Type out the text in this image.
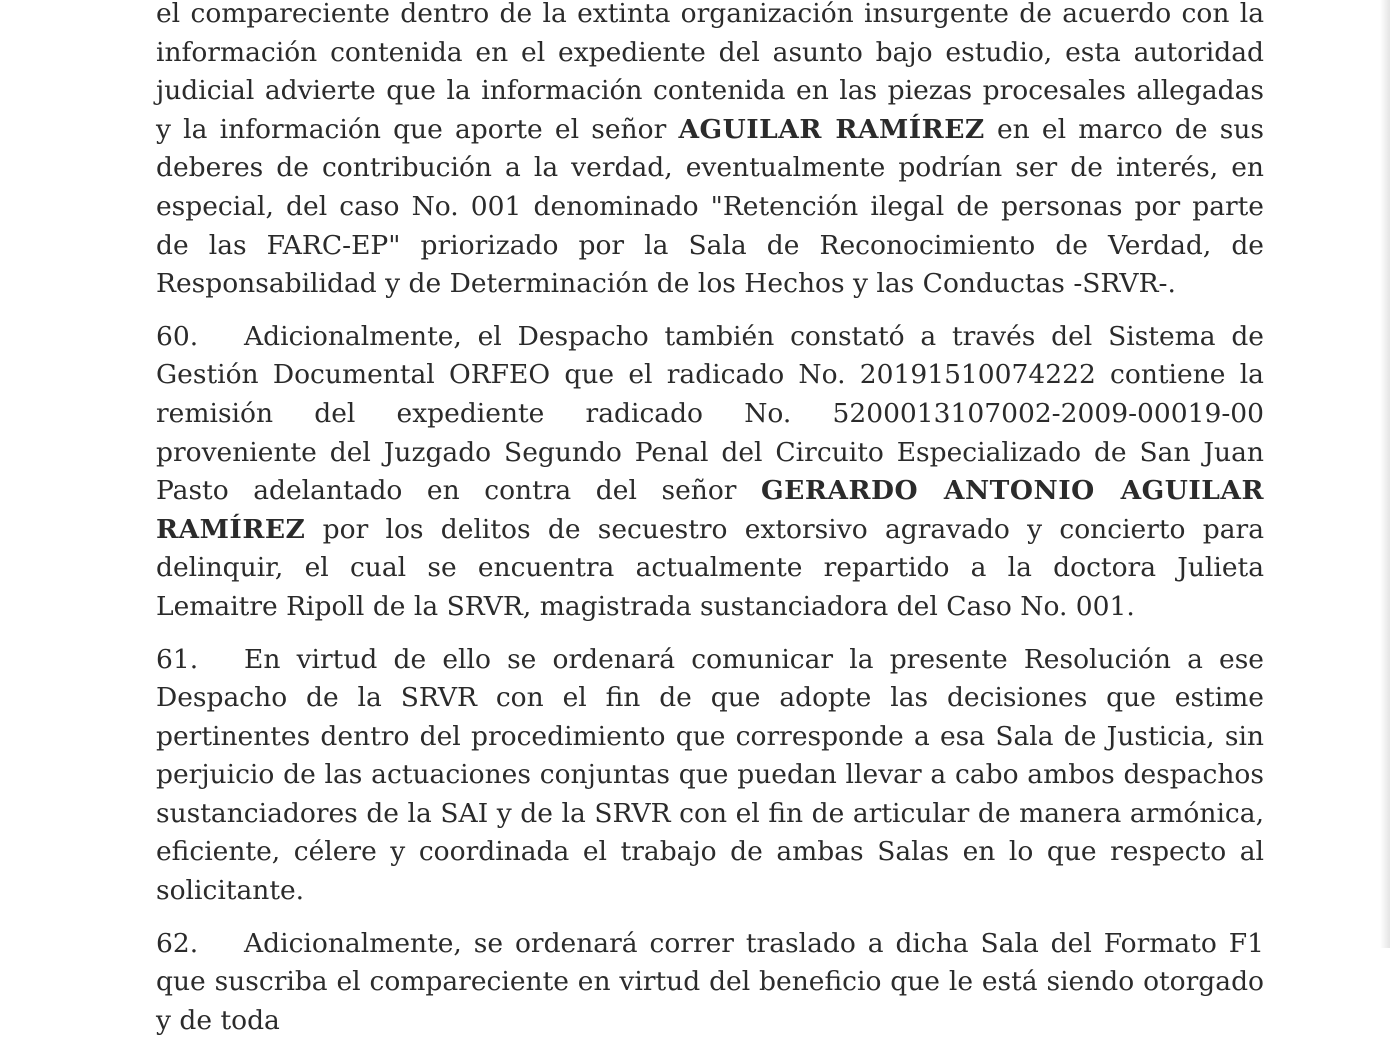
el compareciente dentro de la extinta organización insurgente de acuerdo con la información contenida en el expediente del asunto bajo estudio, esta autoridad judicial advierte que la información contenida en las piezas procesales allegadas y la información que aporte el señor AGUILAR RAMÍREZ en el marco de sus deberes de contribución a la verdad, eventualmente podrían ser de interés, en especial, del caso No. 001 denominado "Retención ilegal de personas por parte de las FARC-EP" priorizado por la Sala de Reconocimiento de Verdad, de Responsabilidad y de Determinación de los Hechos y las Conductas -SRVR-.

60. Adicionalmente, el Despacho también constató a través del Sistema de Gestión Documental ORFEO que el radicado No. 20191510074222 contiene la remisión del expediente radicado No. 5200013107002-2009-00019-00 proveniente del Juzgado Segundo Penal del Circuito Especializado de San Juan Pasto adelantado en contra del señor GERARDO ANTONIO AGUILAR RAMÍREZ por los delitos de secuestro extorsivo agravado y concierto para delinquir, el cual se encuentra actualmente repartido a la doctora Julieta Lemaitre Ripoll de la SRVR, magistrada sustanciadora del Caso No. 001.

61. En virtud de ello se ordenará comunicar la presente Resolución a ese Despacho de la SRVR con el fin de que adopte las decisiones que estime pertinentes dentro del procedimiento que corresponde a esa Sala de Justicia, sin perjuicio de las actuaciones conjuntas que puedan llevar a cabo ambos despachos sustanciadores de la SAI y de la SRVR con el fin de articular de manera armónica, eficiente, célere y coordinada el trabajo de ambas Salas en lo que respecto al solicitante.

62. Adicionalmente, se ordenará correr traslado a dicha Sala del Formato F1 que suscriba el compareciente en virtud del beneficio que le está siendo otorgado y de toda
